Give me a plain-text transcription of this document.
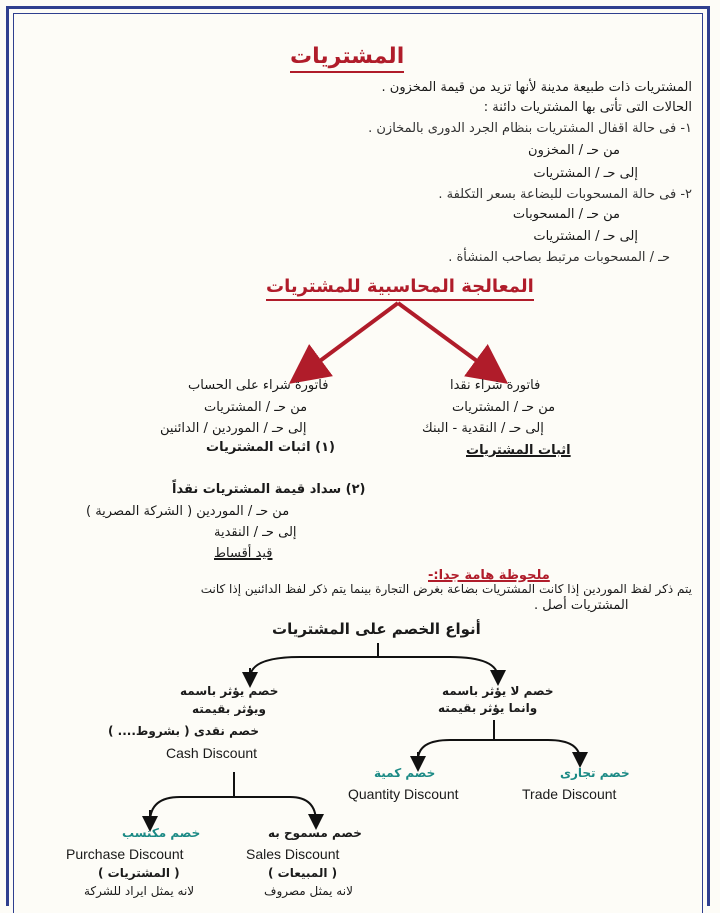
المشتريات
المشتريات ذات طبيعة مدينة لأنها تزيد من قيمة المخزون .
الحالات التى تأتى بها المشتريات دائنة :
١- فى حالة اقفال المشتريات بنظام الجرد الدورى بالمخازن .
من حـ / المخزون
إلى حـ / المشتريات
٢- فى حالة المسحوبات للبضاعة بسعر التكلفة .
من حـ / المسحوبات
إلى حـ / المشتريات
حـ / المسحوبات مرتبط بصاحب المنشأة .
المعالجة المحاسبية للمشتريات
فاتورة شراء نقدا
من حـ / المشتريات
إلى حـ / النقدية - البنك
اثبات المشتريات
فاتورة شراء على الحساب
من حـ / المشتريات
إلى حـ / الموردين / الدائنين
(١) اثبات المشتريات
(٢) سداد قيمة المشتريات نقداً
من حـ / الموردين ( الشركة المصرية )
إلى حـ / النقدية
قيد أقساط
ملحوظة هامة جدا:-
يتم ذكر لفظ الموردين إذا كانت المشتريات بضاعة بغرض التجارة بينما يتم ذكر لفظ الدائنين إذا كانت
المشتريات أصل .
أنواع الخصم على المشتريات
خصم لا يؤثر باسمه
وانما يؤثر بقيمته
خصم يؤثر باسمه
ويؤثر بقيمته
خصم نقدى ( بشروط.... )
Cash Discount
خصم تجارى
Trade Discount
خصم كمية
Quantity Discount
خصم مسموح به
Sales Discount
( المبيعات )
لانه يمثل مصروف
خصم مكتسب
Purchase Discount
( المشتريات )
لانه يمثل ايراد للشركة
